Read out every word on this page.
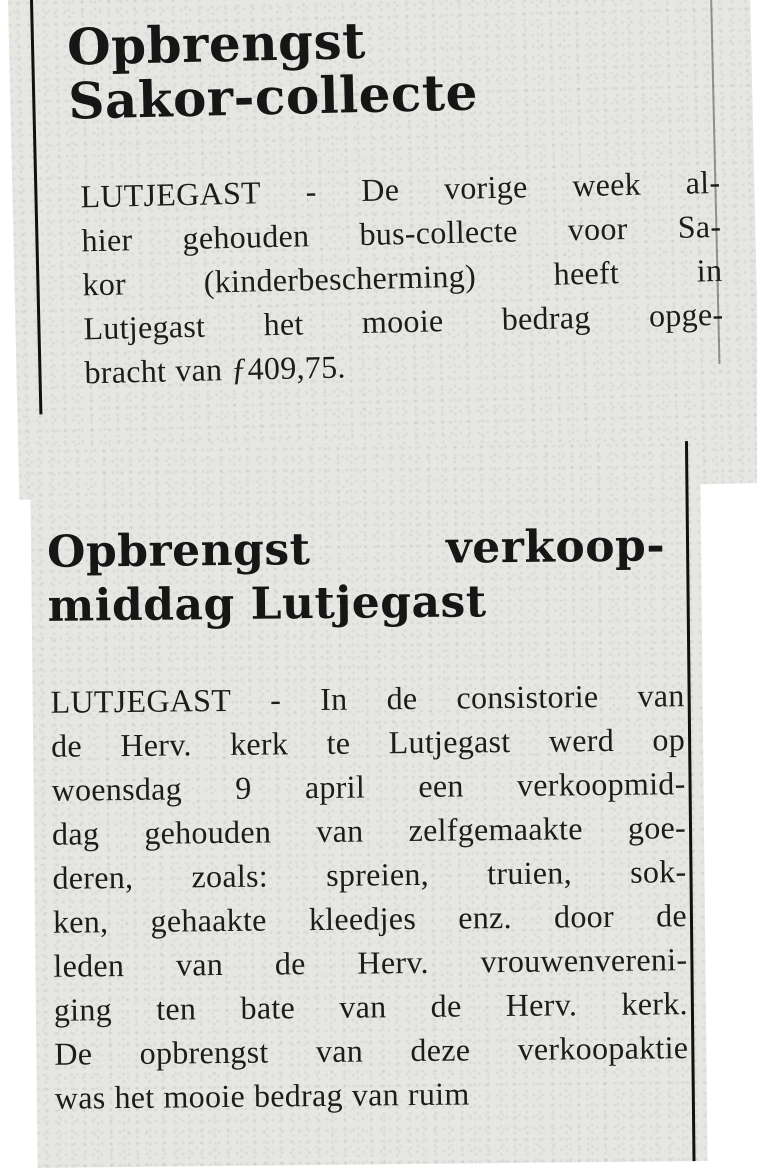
Opbrengst
Sakor-collecte
LUTJEGAST - De vorige week al-
hier gehouden bus-collecte voor Sa-
kor (kinderbescherming) heeft in
Lutjegast het mooie bedrag opge-
bracht van ƒ409,75.
Opbrengst	verkoop-
middag Lutjegast
LUTJEGAST - In de consistorie van
de Herv. kerk te Lutjegast werd op
woensdag 9 april een verkoopmid-
dag gehouden van zelfgemaakte goe-
deren, zoals: spreien, truien, sok-
ken, gehaakte kleedjes enz. door de
leden van de Herv. vrouwenvereni-
ging ten bate van de Herv. kerk.
De opbrengst van deze verkoopaktie
was het mooie bedrag van ruim
